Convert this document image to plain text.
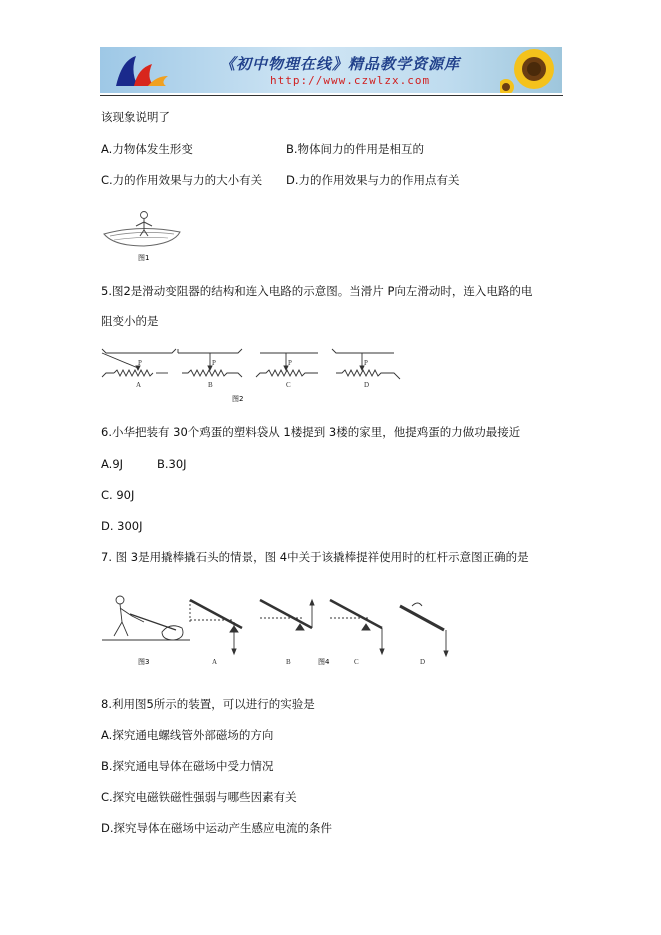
《初中物理在线》精品教学资源库
http://www.czwlzx.com
该现象说明了
A.力物体发生形变	B.物体间力的件用是相互的
C.力的作用效果与力的大小有关 D.力的作用效果与力的作用点有关
图1
5.图2是滑动变阻器的结构和连入电路的示意图。当滑片 P向左滑动时，连入电路的电
阻变小的是
P	P	P	P
A	B	C	D
图2
6.小华把装有 30个鸡蛋的塑料袋从 1楼提到 3楼的家里，他提鸡蛋的力做功最接近
A.9J	B.30J
C. 90J
D. 300J
7. 图 3是用撬棒撬石头的情景，图 4中关于该撬棒提祥使用时的杠杆示意图正确的是
图3	A	B	C	D
图4
8.利用图5所示的装置，可以进行的实验是
A.探究通电螺线管外部磁场的方向
B.探究通电导体在磁场中受力情况
C.探究电磁铁磁性强弱与哪些因素有关
D.探究导体在磁场中运动产生感应电流的条件
